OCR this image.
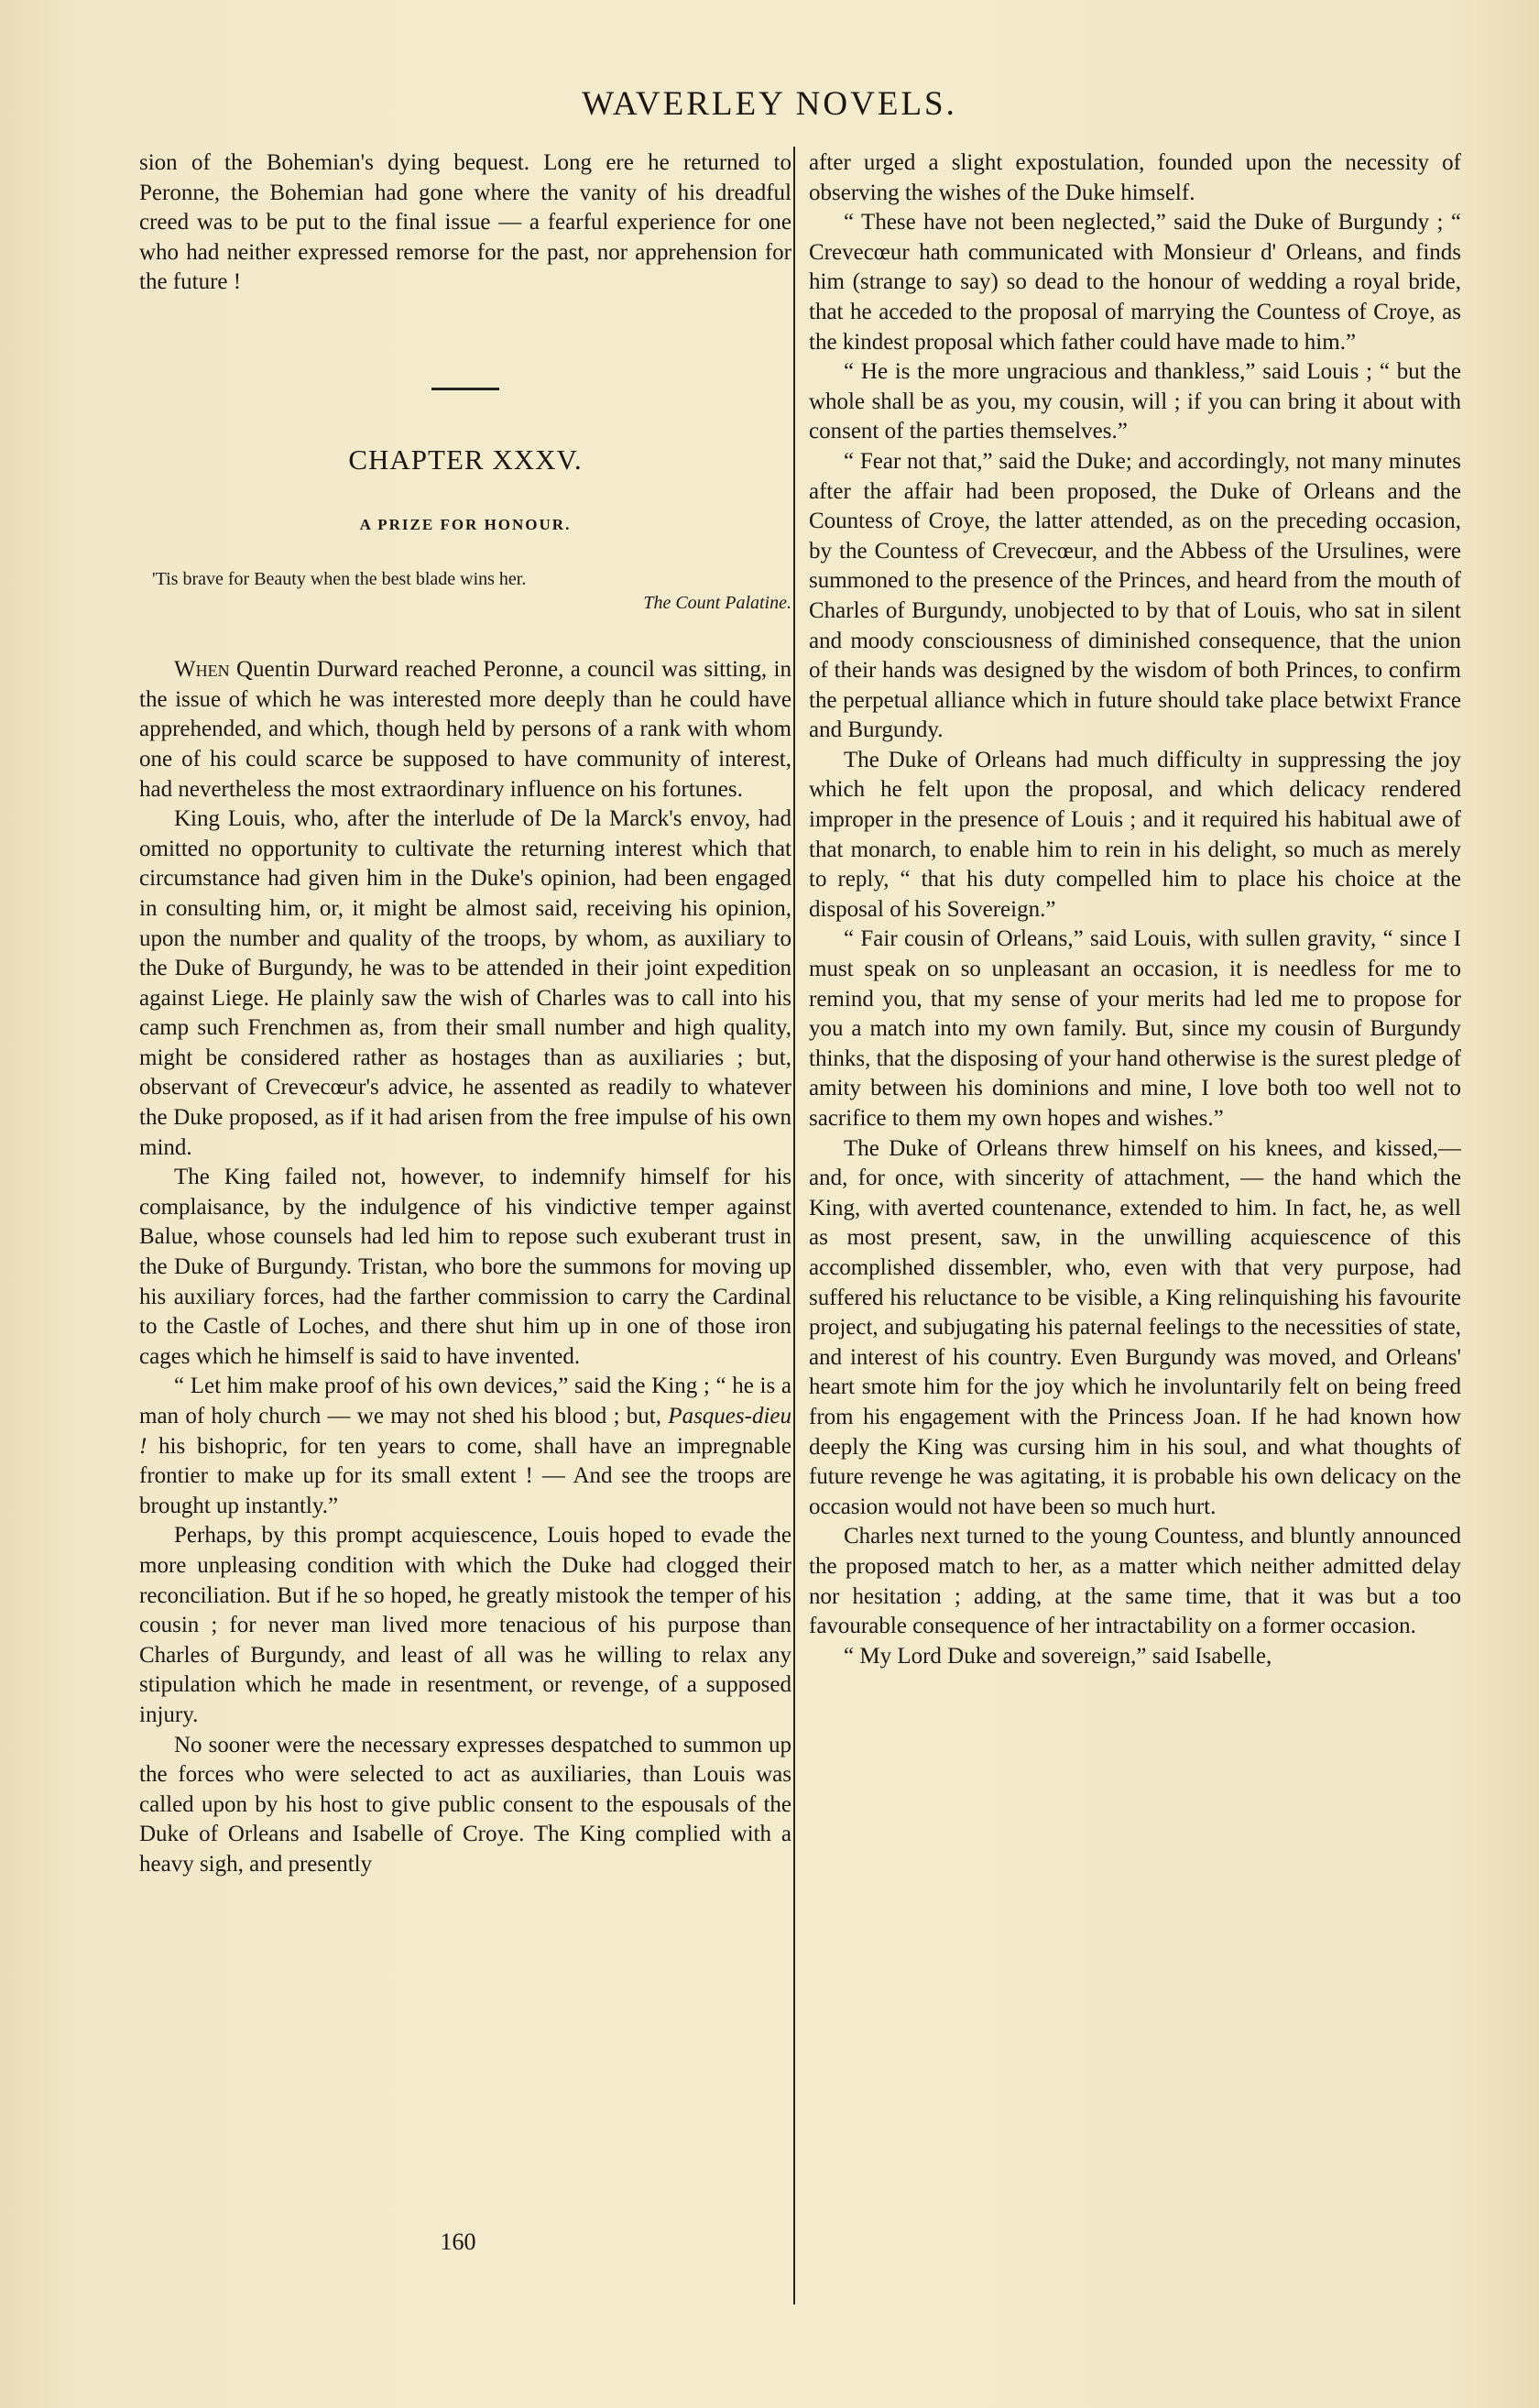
WAVERLEY NOVELS.

sion of the Bohemian's dying bequest. Long ere he returned to Peronne, the Bohemian had gone where the vanity of his dreadful creed was to be put to the final issue — a fearful experience for one who had neither expressed remorse for the past, nor apprehension for the future !

CHAPTER XXXV.
A PRIZE FOR HONOUR.
'Tis brave for Beauty when the best blade wins her.
The Count Palatine.

When Quentin Durward reached Peronne, a council was sitting, in the issue of which he was interested more deeply than he could have apprehended, and which, though held by persons of a rank with whom one of his could scarce be supposed to have community of interest, had nevertheless the most extraordinary influence on his fortunes.

King Louis, who, after the interlude of De la Marck's envoy, had omitted no opportunity to cultivate the returning interest which that circumstance had given him in the Duke's opinion, had been engaged in consulting him, or, it might be almost said, receiving his opinion, upon the number and quality of the troops, by whom, as auxiliary to the Duke of Burgundy, he was to be attended in their joint expedition against Liege. He plainly saw the wish of Charles was to call into his camp such Frenchmen as, from their small number and high quality, might be considered rather as hostages than as auxiliaries ; but, observant of Crevecœur's advice, he assented as readily to whatever the Duke proposed, as if it had arisen from the free impulse of his own mind.

The King failed not, however, to indemnify himself for his complaisance, by the indulgence of his vindictive temper against Balue, whose counsels had led him to repose such exuberant trust in the Duke of Burgundy. Tristan, who bore the summons for moving up his auxiliary forces, had the farther commission to carry the Cardinal to the Castle of Loches, and there shut him up in one of those iron cages which he himself is said to have invented.

“ Let him make proof of his own devices,” said the King ; “ he is a man of holy church — we may not shed his blood ; but, Pasques-dieu ! his bishopric, for ten years to come, shall have an impregnable frontier to make up for its small extent ! — And see the troops are brought up instantly.”

Perhaps, by this prompt acquiescence, Louis hoped to evade the more unpleasing condition with which the Duke had clogged their reconciliation. But if he so hoped, he greatly mistook the temper of his cousin ; for never man lived more tenacious of his purpose than Charles of Burgundy, and least of all was he willing to relax any stipulation which he made in resentment, or revenge, of a supposed injury.

No sooner were the necessary expresses despatched to summon up the forces who were selected to act as auxiliaries, than Louis was called upon by his host to give public consent to the espousals of the Duke of Orleans and Isabelle of Croye. The King complied with a heavy sigh, and presently

after urged a slight expostulation, founded upon the necessity of observing the wishes of the Duke himself.

“ These have not been neglected,” said the Duke of Burgundy ; “ Crevecœur hath communicated with Monsieur d' Orleans, and finds him (strange to say) so dead to the honour of wedding a royal bride, that he acceded to the proposal of marrying the Countess of Croye, as the kindest proposal which father could have made to him.”

“ He is the more ungracious and thankless,” said Louis ; “ but the whole shall be as you, my cousin, will ; if you can bring it about with consent of the parties themselves.”

“ Fear not that,” said the Duke; and accordingly, not many minutes after the affair had been proposed, the Duke of Orleans and the Countess of Croye, the latter attended, as on the preceding occasion, by the Countess of Crevecœur, and the Abbess of the Ursulines, were summoned to the presence of the Princes, and heard from the mouth of Charles of Burgundy, unobjected to by that of Louis, who sat in silent and moody consciousness of diminished consequence, that the union of their hands was designed by the wisdom of both Princes, to confirm the perpetual alliance which in future should take place betwixt France and Burgundy.

The Duke of Orleans had much difficulty in suppressing the joy which he felt upon the proposal, and which delicacy rendered improper in the presence of Louis ; and it required his habitual awe of that monarch, to enable him to rein in his delight, so much as merely to reply, “ that his duty compelled him to place his choice at the disposal of his Sovereign.”

“ Fair cousin of Orleans,” said Louis, with sullen gravity, “ since I must speak on so unpleasant an occasion, it is needless for me to remind you, that my sense of your merits had led me to propose for you a match into my own family. But, since my cousin of Burgundy thinks, that the disposing of your hand otherwise is the surest pledge of amity between his dominions and mine, I love both too well not to sacrifice to them my own hopes and wishes.”

The Duke of Orleans threw himself on his knees, and kissed,—and, for once, with sincerity of attachment, — the hand which the King, with averted countenance, extended to him. In fact, he, as well as most present, saw, in the unwilling acquiescence of this accomplished dissembler, who, even with that very purpose, had suffered his reluctance to be visible, a King relinquishing his favourite project, and subjugating his paternal feelings to the necessities of state, and interest of his country. Even Burgundy was moved, and Orleans' heart smote him for the joy which he involuntarily felt on being freed from his engagement with the Princess Joan. If he had known how deeply the King was cursing him in his soul, and what thoughts of future revenge he was agitating, it is probable his own delicacy on the occasion would not have been so much hurt.

Charles next turned to the young Countess, and bluntly announced the proposed match to her, as a matter which neither admitted delay nor hesitation ; adding, at the same time, that it was but a too favourable consequence of her intractability on a former occasion.

“ My Lord Duke and sovereign,” said Isabelle,

160
